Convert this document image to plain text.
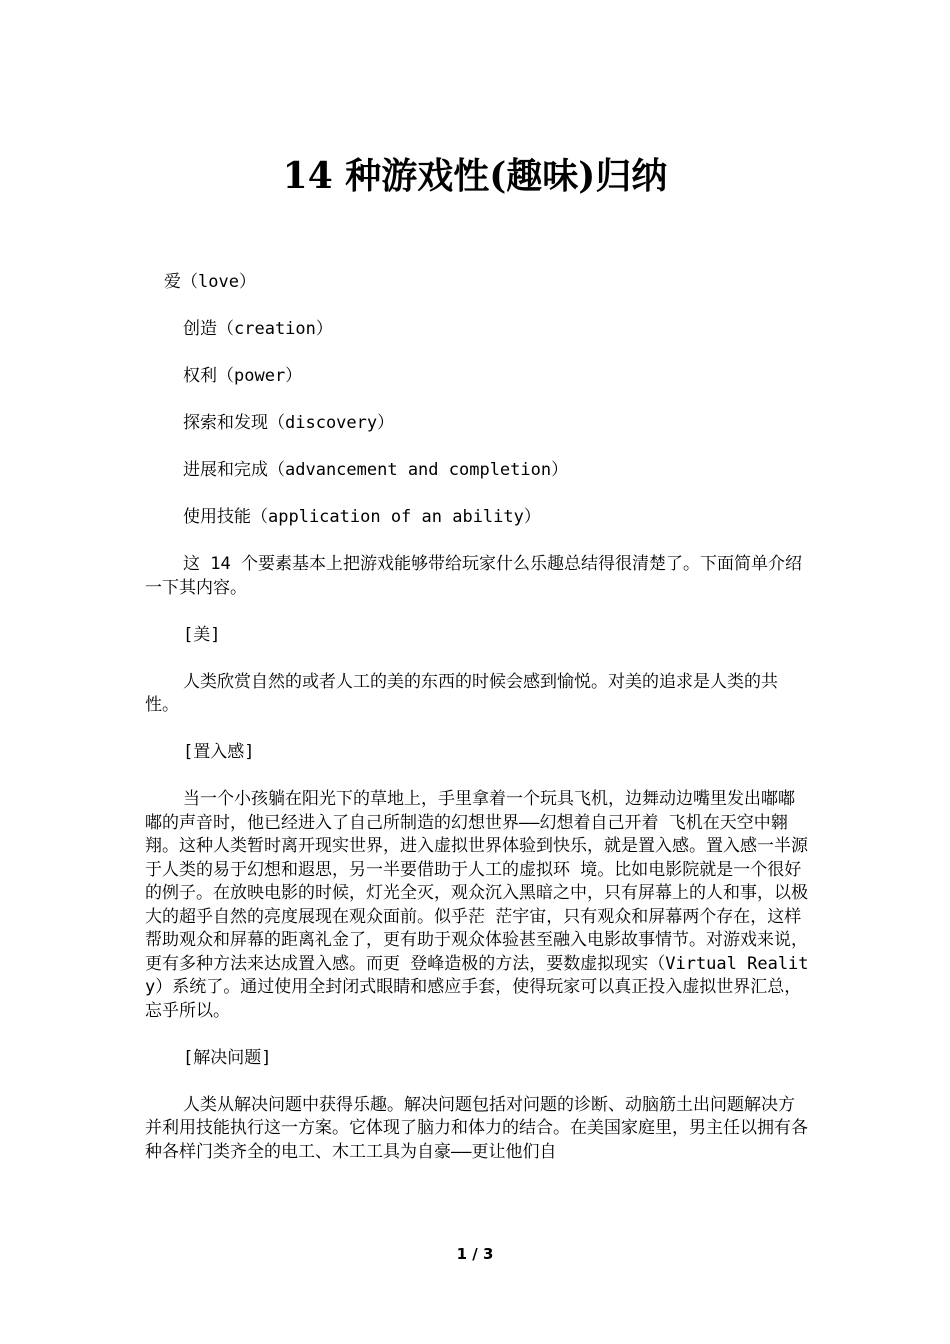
14 种游戏性(趣味)归纳

爱（love）

创造（creation）

权利（power）

探索和发现（discovery）

进展和完成（advancement and completion）

使用技能（application of an ability）

这 14 个要素基本上把游戏能够带给玩家什么乐趣总结得很清楚了。下面简单介绍一下其内容。

[美]

人类欣赏自然的或者人工的美的东西的时候会感到愉悦。对美的追求是人类的共性。

[置入感]

当一个小孩躺在阳光下的草地上，手里拿着一个玩具飞机，边舞动边嘴里发出嘟嘟嘟的声音时，他已经进入了自己所制造的幻想世界——幻想着自己开着 飞机在天空中翱翔。这种人类暂时离开现实世界，进入虚拟世界体验到快乐，就是置入感。置入感一半源于人类的易于幻想和遐思，另一半要借助于人工的虚拟环 境。比如电影院就是一个很好的例子。在放映电影的时候，灯光全灭，观众沉入黑暗之中，只有屏幕上的人和事，以极大的超乎自然的亮度展现在观众面前。似乎茫 茫宇宙，只有观众和屏幕两个存在，这样帮助观众和屏幕的距离礼金了，更有助于观众体验甚至融入电影故事情节。对游戏来说，更有多种方法来达成置入感。而更 登峰造极的方法，要数虚拟现实（Virtual Reality）系统了。通过使用全封闭式眼睛和感应手套，使得玩家可以真正投入虚拟世界汇总，忘乎所以。

[解决问题]

人类从解决问题中获得乐趣。解决问题包括对问题的诊断、动脑筋土出问题解决方并利用技能执行这一方案。它体现了脑力和体力的结合。在美国家庭里，男主任以拥有各种各样门类齐全的电工、木工工具为自豪——更让他们自

1 / 3
